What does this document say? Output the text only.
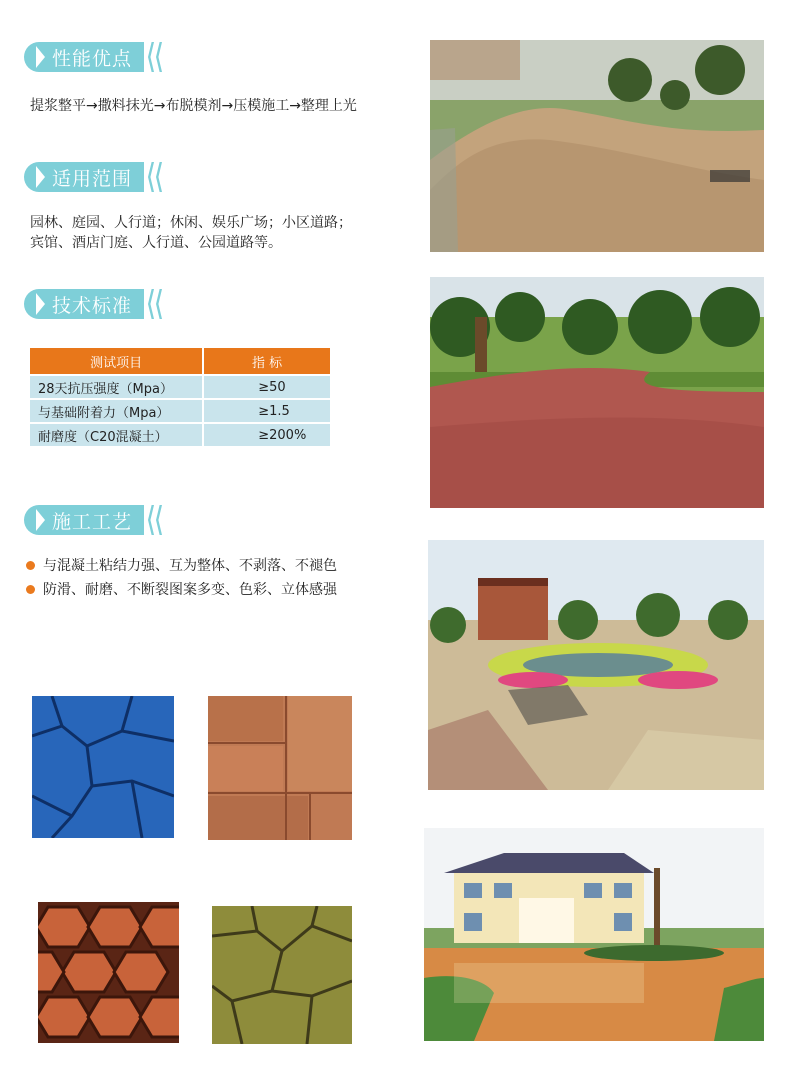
性能优点
提浆整平→撒料抹光→布脱模剂→压模施工→整理上光
适用范围
园林、庭园、人行道；休闲、娱乐广场；小区道路；
宾馆、酒店门庭、人行道、公园道路等。
技术标准
测试项目	指 标
28天抗压强度（Mpa）	≥50
与基础附着力（Mpa）	≥1.5
耐磨度（C20混凝土）	≥200%
施工工艺
与混凝土粘结力强、互为整体、不剥落、不褪色
防滑、耐磨、不断裂图案多变、色彩、立体感强
